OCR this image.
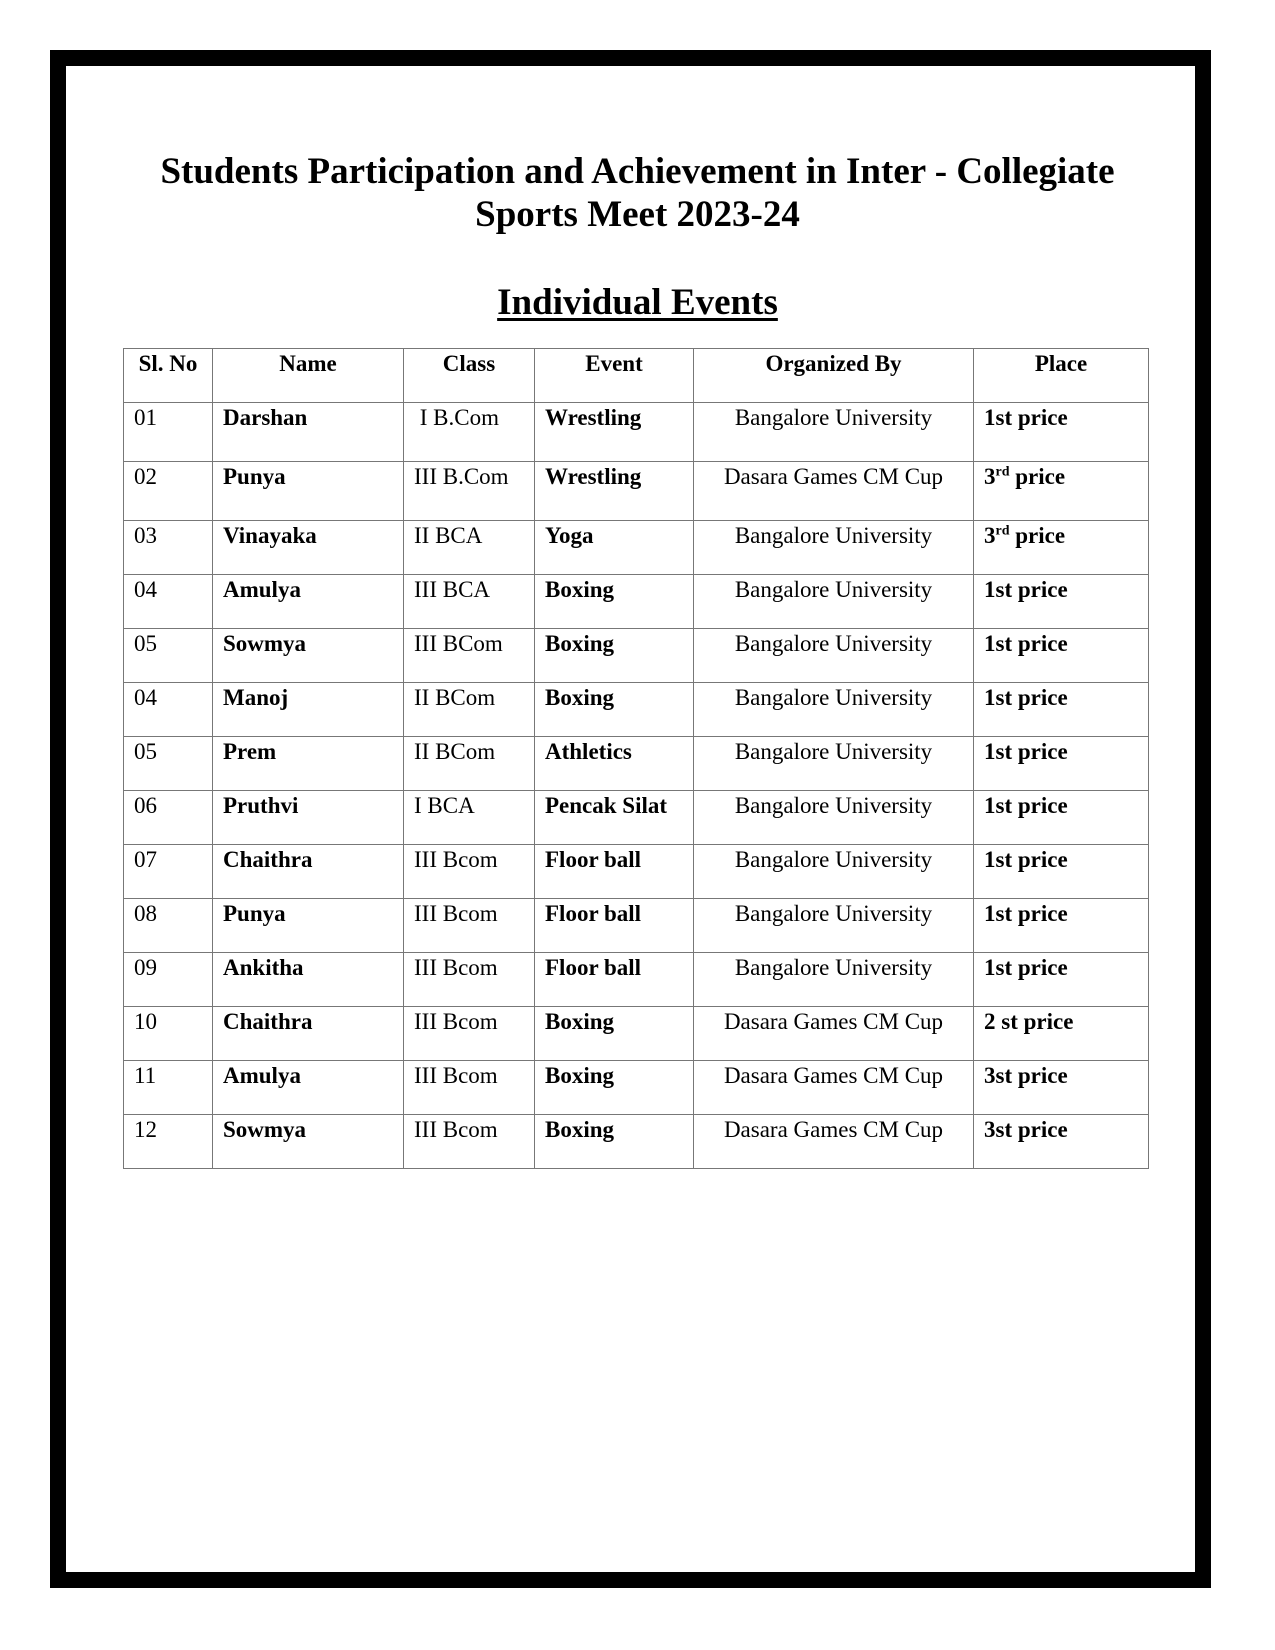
Students Participation and Achievement in Inter - Collegiate
Sports Meet 2023-24
Individual Events
Sl. No	Name	Class	Event	Organized By	Place
01	Darshan	I B.Com	Wrestling	Bangalore University	1st price
02	Punya	III B.Com	Wrestling	Dasara Games CM Cup	3rd price
03	Vinayaka	II BCA	Yoga	Bangalore University	3rd price
04	Amulya	III BCA	Boxing	Bangalore University	1st price
05	Sowmya	III BCom	Boxing	Bangalore University	1st price
04	Manoj	II BCom	Boxing	Bangalore University	1st price
05	Prem	II BCom	Athletics	Bangalore University	1st price
06	Pruthvi	I BCA	Pencak Silat	Bangalore University	1st price
07	Chaithra	III Bcom	Floor ball	Bangalore University	1st price
08	Punya	III Bcom	Floor ball	Bangalore University	1st price
09	Ankitha	III Bcom	Floor ball	Bangalore University	1st price
10	Chaithra	III Bcom	Boxing	Dasara Games CM Cup	2 st price
11	Amulya	III Bcom	Boxing	Dasara Games CM Cup	3st price
12	Sowmya	III Bcom	Boxing	Dasara Games CM Cup	3st price
